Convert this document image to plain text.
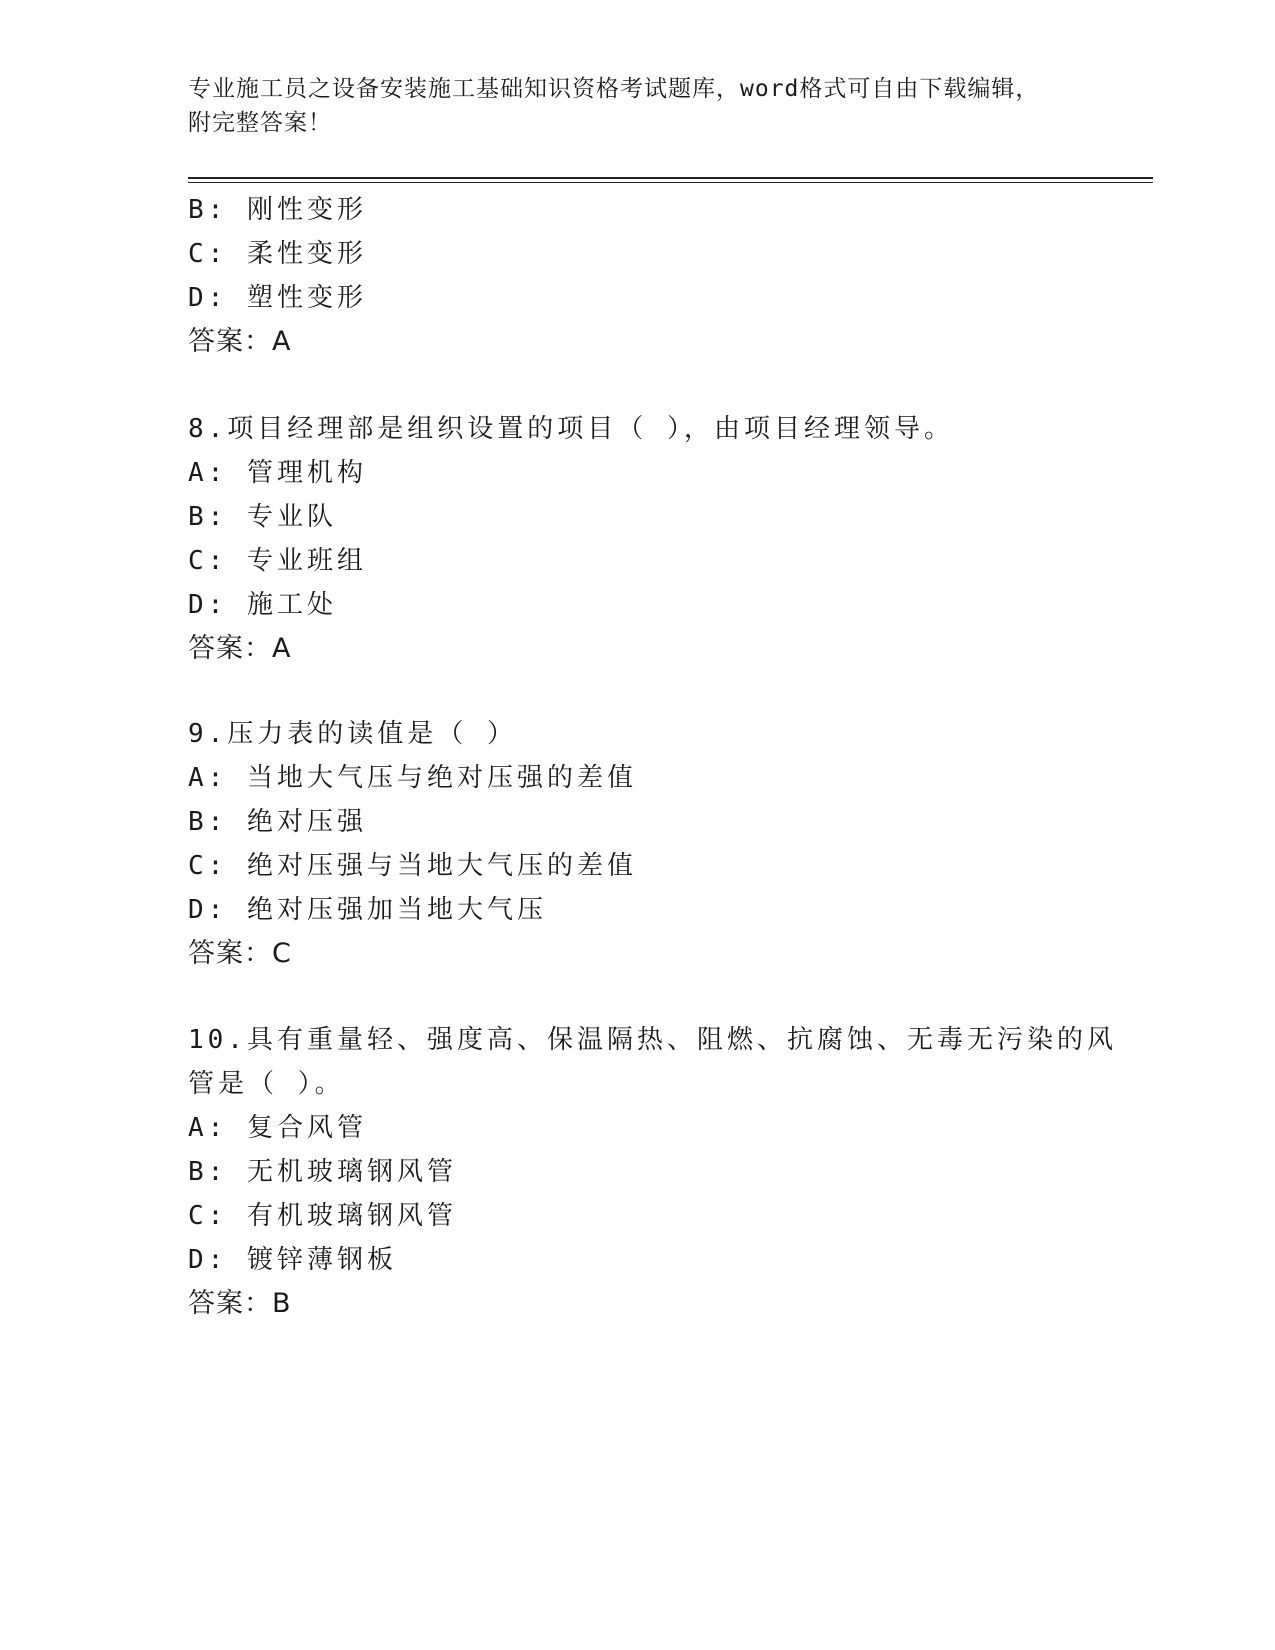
专业施工员之设备安装施工基础知识资格考试题库，word格式可自由下载编辑，
附完整答案！
B: 刚性变形
C: 柔性变形
D: 塑性变形
答案：A
8.项目经理部是组织设置的项目（ ），由项目经理领导。
A: 管理机构
B: 专业队
C: 专业班组
D: 施工处
答案：A
9.压力表的读值是（ ）
A: 当地大气压与绝对压强的差值
B: 绝对压强
C: 绝对压强与当地大气压的差值
D: 绝对压强加当地大气压
答案：C
10.具有重量轻、强度高、保温隔热、阻燃、抗腐蚀、无毒无污染的风
管是（ ）。
A: 复合风管
B: 无机玻璃钢风管
C: 有机玻璃钢风管
D: 镀锌薄钢板
答案：B
